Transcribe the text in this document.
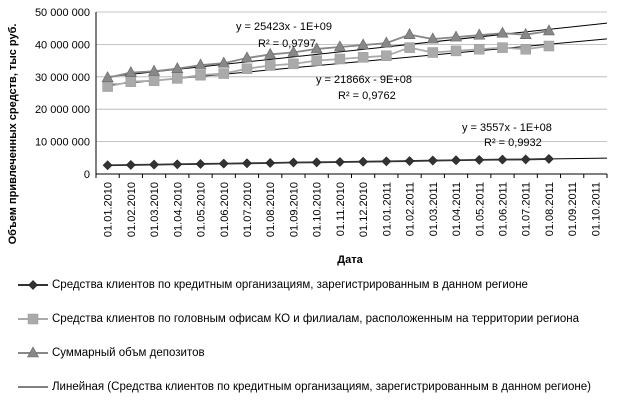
0
10 000 000
20 000 000
30 000 000
40 000 000
50 000 000
01.01.2010 01.02.2010 01.03.2010 01.04.2010 01.05.2010 01.06.2010 01.07.2010 01.08.2010 01.09.2010 01.10.2010 01.11.2010 01.12.2010 01.01.2011 01.02.2011 01.03.2011 01.04.2011 01.05.2011 01.06.2011 01.07.2011 01.08.2011 01.09.2011 01.10.2011
y = 3557x - 1E+08
R² = 0,9932
y = 21866x - 9E+08
R² = 0,9762
y = 25423x - 1E+09
R² = 0,9797
Объем привлеченных средств, тыс руб.
Дата
Средства клиентов по кредитным организациям, зарегистрированным в данном регионе
Средства клиентов по головным офисам КО и филиалам, расположенным на территории региона
Суммарный объм депозитов
Линейная (Средства клиентов по кредитным организациям, зарегистрированным в данном регионе)
